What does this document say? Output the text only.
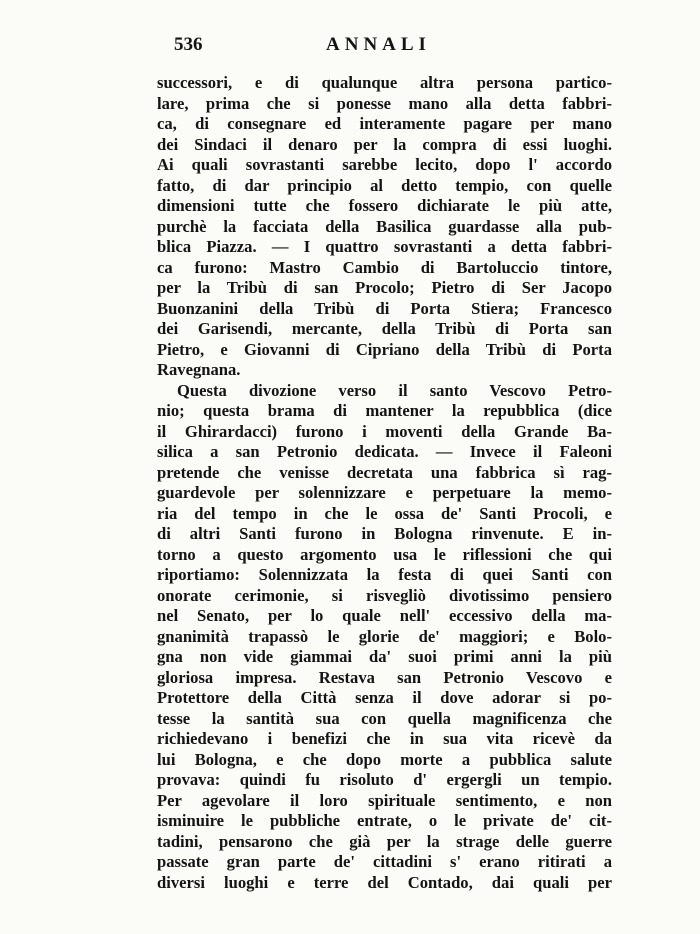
536	ANNALI
successori, e di qualunque altra persona partico-
lare, prima che si ponesse mano alla detta fabbri-
ca, di consegnare ed interamente pagare per mano
dei Sindaci il denaro per la compra di essi luoghi.
Ai quali sovrastanti sarebbe lecito, dopo l' accordo
fatto, di dar principio al detto tempio, con quelle
dimensioni tutte che fossero dichiarate le più atte,
purchè la facciata della Basilica guardasse alla pub-
blica Piazza. — I quattro sovrastanti a detta fabbri-
ca furono: Mastro Cambio di Bartoluccio tintore,
per la Tribù di san Procolo; Pietro di Ser Jacopo
Buonzanini della Tribù di Porta Stiera; Francesco
dei Garisendi, mercante, della Tribù di Porta san
Pietro, e Giovanni di Cipriano della Tribù di Porta
Ravegnana.
Questa divozione verso il santo Vescovo Petro-
nio; questa brama di mantener la repubblica (dice
il Ghirardacci) furono i moventi della Grande Ba-
silica a san Petronio dedicata. — Invece il Faleoni
pretende che venisse decretata una fabbrica sì rag-
guardevole per solennizzare e perpetuare la memo-
ria del tempo in che le ossa de' Santi Procoli, e
di altri Santi furono in Bologna rinvenute. E in-
torno a questo argomento usa le riflessioni che qui
riportiamo: Solennizzata la festa di quei Santi con
onorate cerimonie, si risvegliò divotissimo pensiero
nel Senato, per lo quale nell' eccessivo della ma-
gnanimità trapassò le glorie de' maggiori; e Bolo-
gna non vide giammai da' suoi primi anni la più
gloriosa impresa. Restava san Petronio Vescovo e
Protettore della Città senza il dove adorar si po-
tesse la santità sua con quella magnificenza che
richiedevano i benefizi che in sua vita ricevè da
lui Bologna, e che dopo morte a pubblica salute
provava: quindi fu risoluto d' ergergli un tempio.
Per agevolare il loro spirituale sentimento, e non
isminuire le pubbliche entrate, o le private de' cit-
tadini, pensarono che già per la strage delle guerre
passate gran parte de' cittadini s' erano ritirati a
diversi luoghi e terre del Contado, dai quali per
